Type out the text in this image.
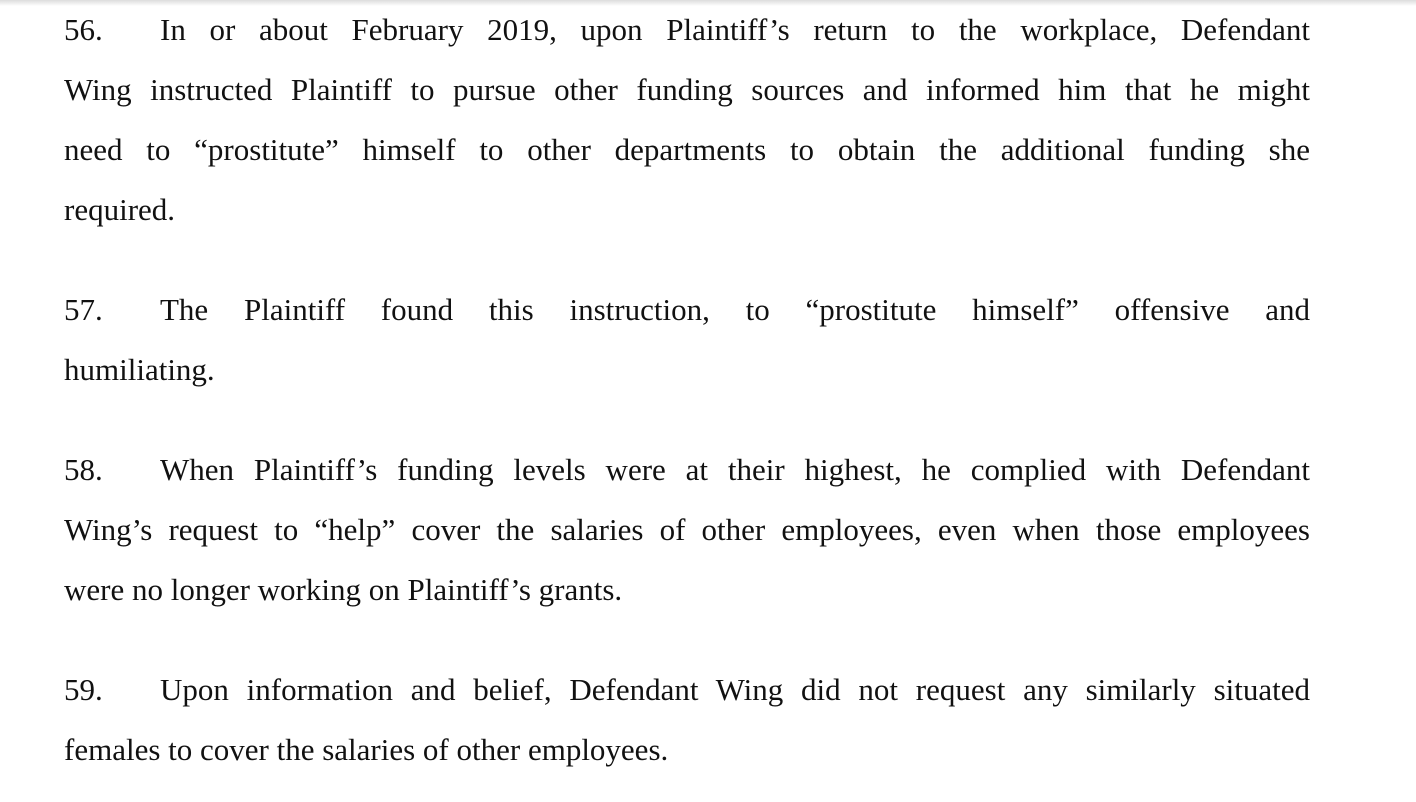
56.	In or about February 2019, upon Plaintiff’s return to the workplace, Defendant
Wing instructed Plaintiff to pursue other funding sources and informed him that he might
need to “prostitute” himself to other departments to obtain the additional funding she
required.
57.	The Plaintiff found this instruction, to “prostitute himself” offensive and
humiliating.
58.	When Plaintiff’s funding levels were at their highest, he complied with Defendant
Wing’s request to “help” cover the salaries of other employees, even when those employees
were no longer working on Plaintiff’s grants.
59.	Upon information and belief, Defendant Wing did not request any similarly situated
females to cover the salaries of other employees.
